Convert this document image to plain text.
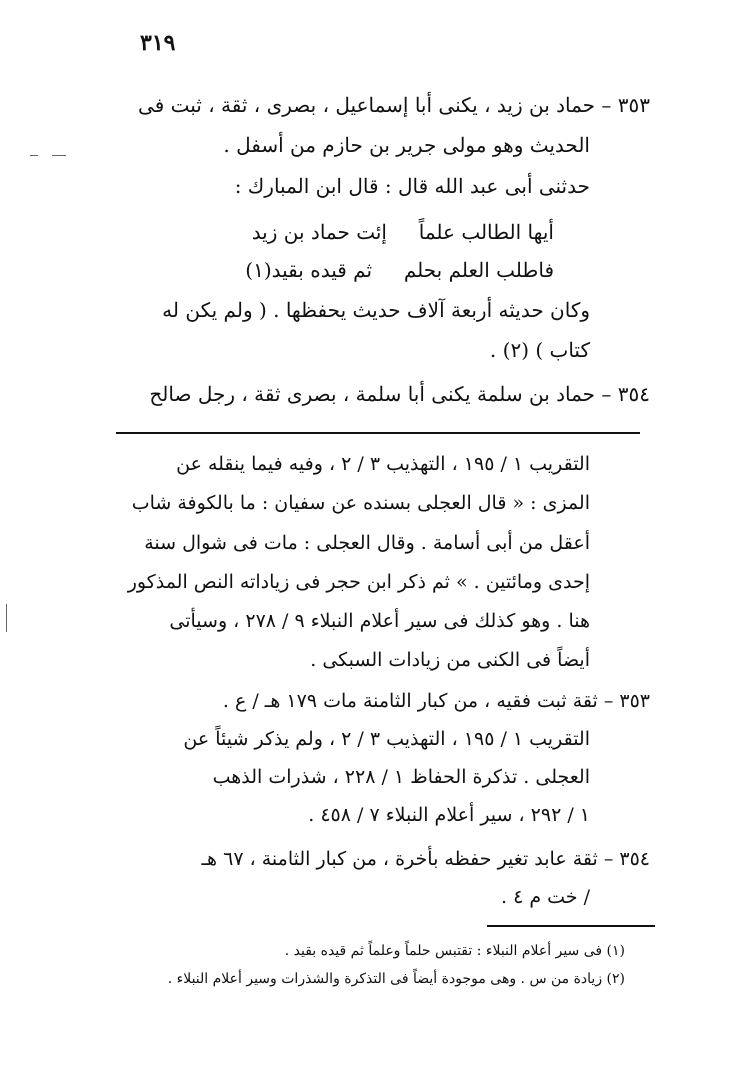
٣١٩
٣٥٣ – حماد بن زيد ، يكنى أبا إسماعيل ، بصرى ، ثقة ، ثبت فى
الحديث وهو مولى جرير بن حازم من أسفل .
حدثنى أبى عبد الله قال : قال ابن المبارك :
أيها الطالب علماً     إئت حماد بن زيد
فاطلب العلم بحلم     ثم قيده بقيد(١)
وكان حديثه أربعة آلاف حديث يحفظها . ( ولم يكن له
كتاب ) (٢) .
٣٥٤ – حماد بن سلمة يكنى أبا سلمة ، بصرى ثقة ، رجل صالح
التقريب ١ / ١٩٥ ، التهذيب ٣ / ٢ ، وفيه فيما ينقله عن
المزى : « قال العجلى بسنده عن سفيان : ما بالكوفة شاب
أعقل من أبى أسامة . وقال العجلى : مات فى شوال سنة
إحدى ومائتين . » ثم ذكر ابن حجر فى زياداته النص المذكور
هنا . وهو كذلك فى سير أعلام النبلاء ٩ / ٢٧٨ ، وسيأتى
أيضاً فى الكنى من زيادات السبكى .
٣٥٣ – ثقة ثبت فقيه ، من كبار الثامنة مات ١٧٩ هـ / ع .
التقريب ١ / ١٩٥ ، التهذيب ٣ / ٢ ، ولم يذكر شيئاً عن
العجلى . تذكرة الحفاظ ١ / ٢٢٨ ، شذرات الذهب
١ / ٢٩٢ ، سير أعلام النبلاء ٧ / ٤٥٨ .
٣٥٤ – ثقة عابد تغير حفظه بأخرة ، من كبار الثامنة ، ٦٧ هـ
/ خت م ٤ .
(١) فى سير أعلام النبلاء : تقتبس حلماً وعلماً ثم قيده بقيد .
(٢) زيادة من س . وهى موجودة أيضاً فى التذكرة والشذرات وسير أعلام النبلاء .
